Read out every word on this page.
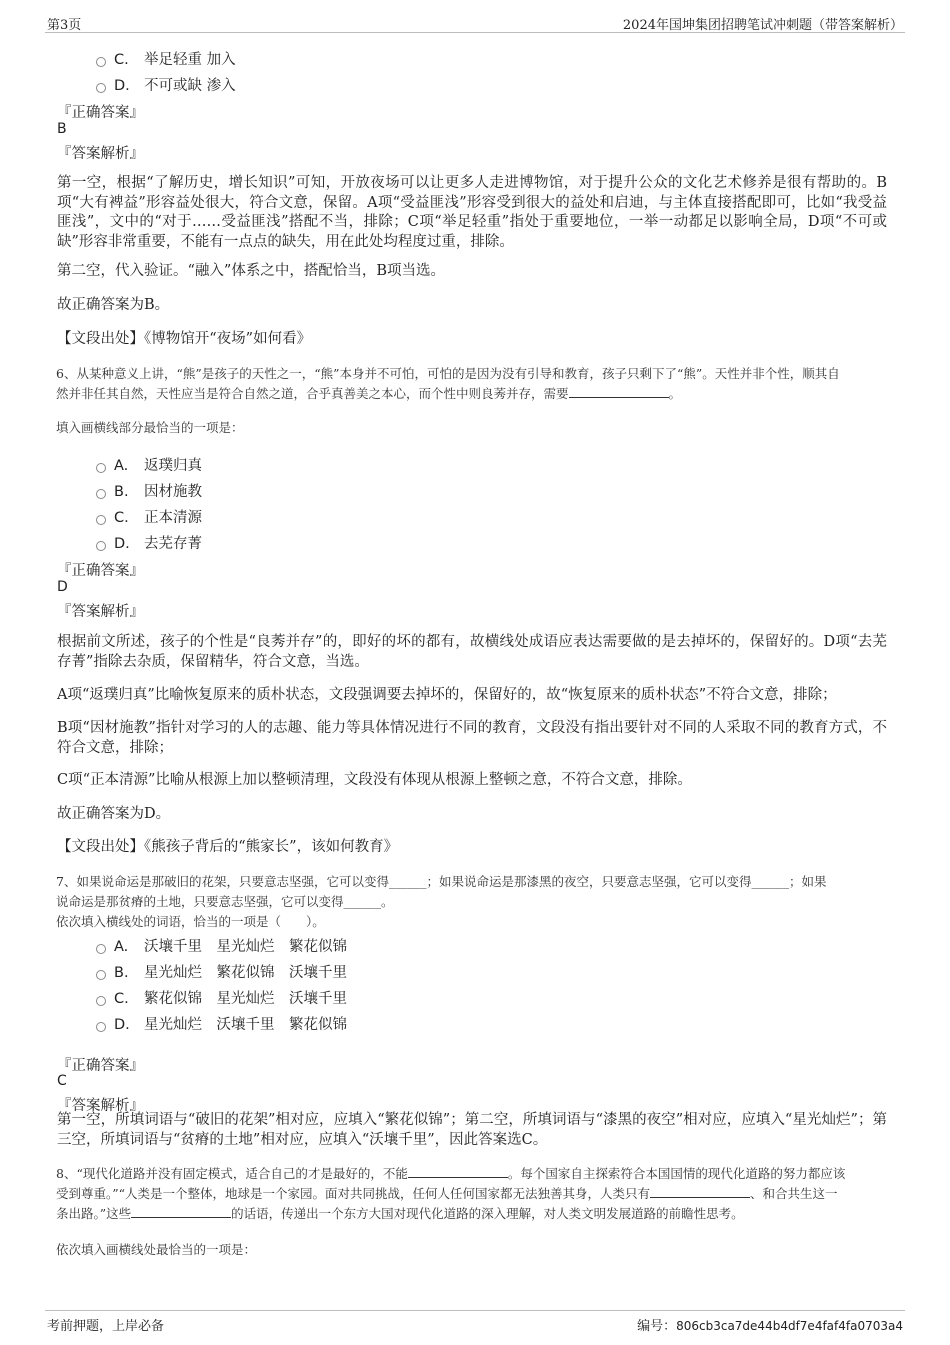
第3页	2024年国坤集团招聘笔试冲刺题（带答案解析）
C. 举足轻重 加入
D. 不可或缺 渗入
『正确答案』
B
『答案解析』
第一空，根据“了解历史，增长知识”可知，开放夜场可以让更多人走进博物馆，对于提升公众的文化艺术修养是很有帮助的。B项“大有裨益”形容益处很大，符合文意，保留。A项“受益匪浅”形容受到很大的益处和启迪，与主体直接搭配即可，比如“我受益匪浅”，文中的“对于……受益匪浅”搭配不当，排除；C项“举足轻重”指处于重要地位，一举一动都足以影响全局，D项“不可或缺”形容非常重要，不能有一点点的缺失，用在此处均程度过重，排除。
第二空，代入验证。“融入”体系之中，搭配恰当，B项当选。
故正确答案为B。
【文段出处】《博物馆开“夜场”如何看》
6、从某种意义上讲，“熊”是孩子的天性之一，“熊”本身并不可怕，可怕的是因为没有引导和教育，孩子只剩下了“熊”。天性并非个性，顺其自
然并非任其自然，天性应当是符合自然之道，合乎真善美之本心，而个性中则良莠并存，需要	。
填入画横线部分最恰当的一项是：
A. 返璞归真
B. 因材施教
C. 正本清源
D. 去芜存菁
『正确答案』
D
『答案解析』
根据前文所述，孩子的个性是“良莠并存”的，即好的坏的都有，故横线处成语应表达需要做的是去掉坏的，保留好的。D项“去芜存菁”指除去杂质，保留精华，符合文意，当选。
A项“返璞归真”比喻恢复原来的质朴状态，文段强调要去掉坏的，保留好的，故“恢复原来的质朴状态”不符合文意，排除；
B项“因材施教”指针对学习的人的志趣、能力等具体情况进行不同的教育，文段没有指出要针对不同的人采取不同的教育方式，不符合文意，排除；
C项“正本清源”比喻从根源上加以整顿清理，文段没有体现从根源上整顿之意，不符合文意，排除。
故正确答案为D。
【文段出处】《熊孩子背后的“熊家长”，该如何教育》
7、如果说命运是那破旧的花架，只要意志坚强，它可以变得______；如果说命运是那漆黑的夜空，只要意志坚强，它可以变得______；如果
说命运是那贫瘠的土地，只要意志坚强，它可以变得______。
依次填入横线处的词语，恰当的一项是（　　）。
A. 沃壤千里　星光灿烂　繁花似锦
B. 星光灿烂　繁花似锦　沃壤千里
C. 繁花似锦　星光灿烂　沃壤千里
D. 星光灿烂　沃壤千里　繁花似锦
『正确答案』
C
『答案解析』
第一空，所填词语与“破旧的花架”相对应，应填入“繁花似锦”；第二空，所填词语与“漆黑的夜空”相对应，应填入“星光灿烂”；第三空，所填词语与“贫瘠的土地”相对应，应填入“沃壤千里”，因此答案选C。
8、“现代化道路并没有固定模式，适合自己的才是最好的，不能	。每个国家自主探索符合本国国情的现代化道路的努力都应该
受到尊重。”“人类是一个整体，地球是一个家园。面对共同挑战，任何人任何国家都无法独善其身，人类只有	、和合共生这一
条出路。”这些	的话语，传递出一个东方大国对现代化道路的深入理解，对人类文明发展道路的前瞻性思考。
依次填入画横线处最恰当的一项是：
考前押题，上岸必备	编号：806cb3ca7de44b4df7e4faf4fa0703a4
